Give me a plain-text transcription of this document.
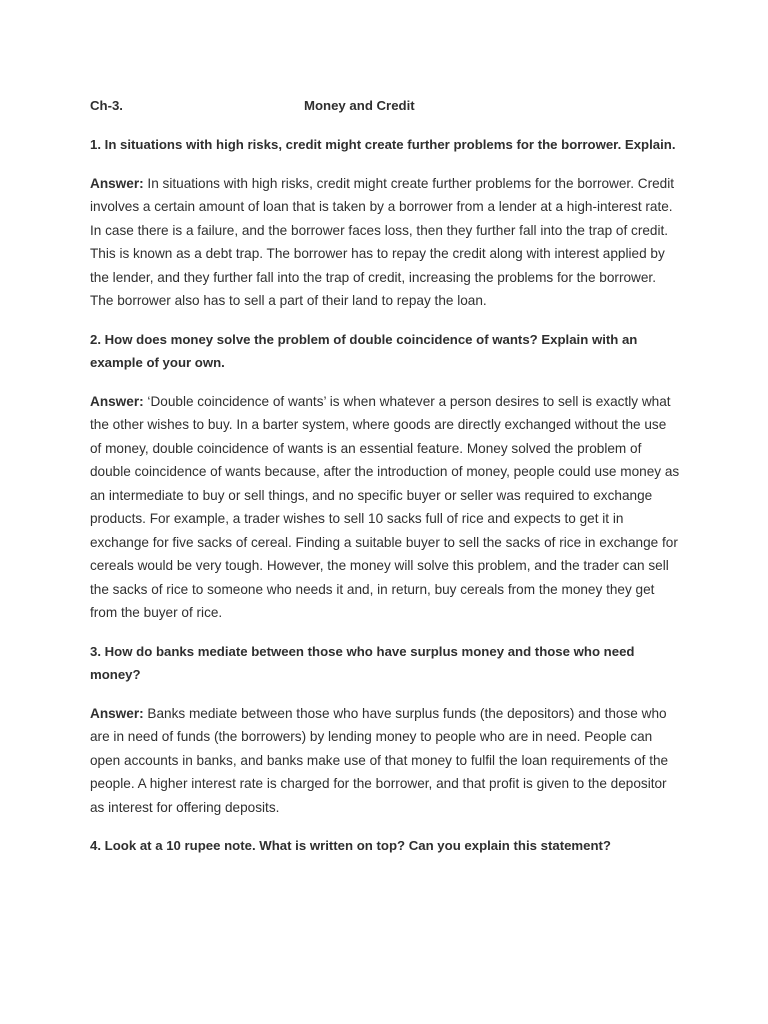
Ch-3.	Money and Credit

1. In situations with high risks, credit might create further problems for the borrower. Explain.

Answer: In situations with high risks, credit might create further problems for the borrower. Credit involves a certain amount of loan that is taken by a borrower from a lender at a high-interest rate. In case there is a failure, and the borrower faces loss, then they further fall into the trap of credit. This is known as a debt trap. The borrower has to repay the credit along with interest applied by the lender, and they further fall into the trap of credit, increasing the problems for the borrower. The borrower also has to sell a part of their land to repay the loan.

2. How does money solve the problem of double coincidence of wants? Explain with an example of your own.

Answer: ‘Double coincidence of wants’ is when whatever a person desires to sell is exactly what the other wishes to buy. In a barter system, where goods are directly exchanged without the use of money, double coincidence of wants is an essential feature. Money solved the problem of double coincidence of wants because, after the introduction of money, people could use money as an intermediate to buy or sell things, and no specific buyer or seller was required to exchange products. For example, a trader wishes to sell 10 sacks full of rice and expects to get it in exchange for five sacks of cereal. Finding a suitable buyer to sell the sacks of rice in exchange for cereals would be very tough. However, the money will solve this problem, and the trader can sell the sacks of rice to someone who needs it and, in return, buy cereals from the money they get from the buyer of rice.

3. How do banks mediate between those who have surplus money and those who need money?

Answer: Banks mediate between those who have surplus funds (the depositors) and those who are in need of funds (the borrowers) by lending money to people who are in need. People can open accounts in banks, and banks make use of that money to fulfil the loan requirements of the people. A higher interest rate is charged for the borrower, and that profit is given to the depositor as interest for offering deposits.

4. Look at a 10 rupee note. What is written on top? Can you explain this statement?
